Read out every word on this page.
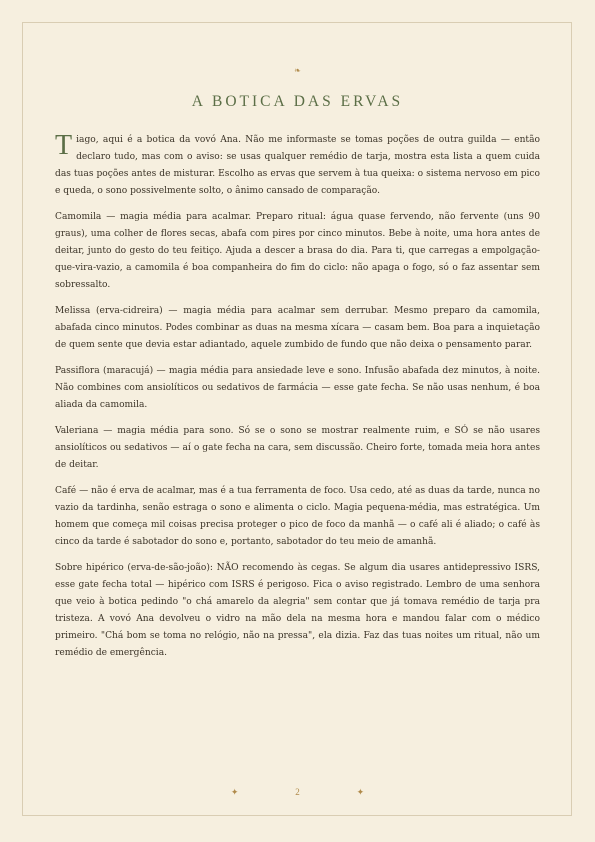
❧
A BOTICA DAS ERVAS

Tiago, aqui é a botica da vovó Ana. Não me informaste se tomas poções de outra guilda — então declaro tudo, mas com o aviso: se usas qualquer remédio de tarja, mostra esta lista a quem cuida das tuas poções antes de misturar. Escolho as ervas que servem à tua queixa: o sistema nervoso em pico e queda, o sono possivelmente solto, o ânimo cansado de comparação.

Camomila — magia média para acalmar. Preparo ritual: água quase fervendo, não fervente (uns 90 graus), uma colher de flores secas, abafa com pires por cinco minutos. Bebe à noite, uma hora antes de deitar, junto do gesto do teu feitiço. Ajuda a descer a brasa do dia. Para ti, que carregas a empolgação-que-vira-vazio, a camomila é boa companheira do fim do ciclo: não apaga o fogo, só o faz assentar sem sobressalto.

Melissa (erva-cidreira) — magia média para acalmar sem derrubar. Mesmo preparo da camomila, abafada cinco minutos. Podes combinar as duas na mesma xícara — casam bem. Boa para a inquietação de quem sente que devia estar adiantado, aquele zumbido de fundo que não deixa o pensamento parar.

Passiflora (maracujá) — magia média para ansiedade leve e sono. Infusão abafada dez minutos, à noite. Não combines com ansiolíticos ou sedativos de farmácia — esse gate fecha. Se não usas nenhum, é boa aliada da camomila.

Valeriana — magia média para sono. Só se o sono se mostrar realmente ruim, e SÓ se não usares ansiolíticos ou sedativos — aí o gate fecha na cara, sem discussão. Cheiro forte, tomada meia hora antes de deitar.

Café — não é erva de acalmar, mas é a tua ferramenta de foco. Usa cedo, até as duas da tarde, nunca no vazio da tardinha, senão estraga o sono e alimenta o ciclo. Magia pequena-média, mas estratégica. Um homem que começa mil coisas precisa proteger o pico de foco da manhã — o café ali é aliado; o café às cinco da tarde é sabotador do sono e, portanto, sabotador do teu meio de amanhã.

Sobre hipérico (erva-de-são-joão): NÃO recomendo às cegas. Se algum dia usares antidepressivo ISRS, esse gate fecha total — hipérico com ISRS é perigoso. Fica o aviso registrado. Lembro de uma senhora que veio à botica pedindo "o chá amarelo da alegria" sem contar que já tomava remédio de tarja pra tristeza. A vovó Ana devolveu o vidro na mão dela na mesma hora e mandou falar com o médico primeiro. "Chá bom se toma no relógio, não na pressa", ela dizia. Faz das tuas noites um ritual, não um remédio de emergência.

✦	2	✦
